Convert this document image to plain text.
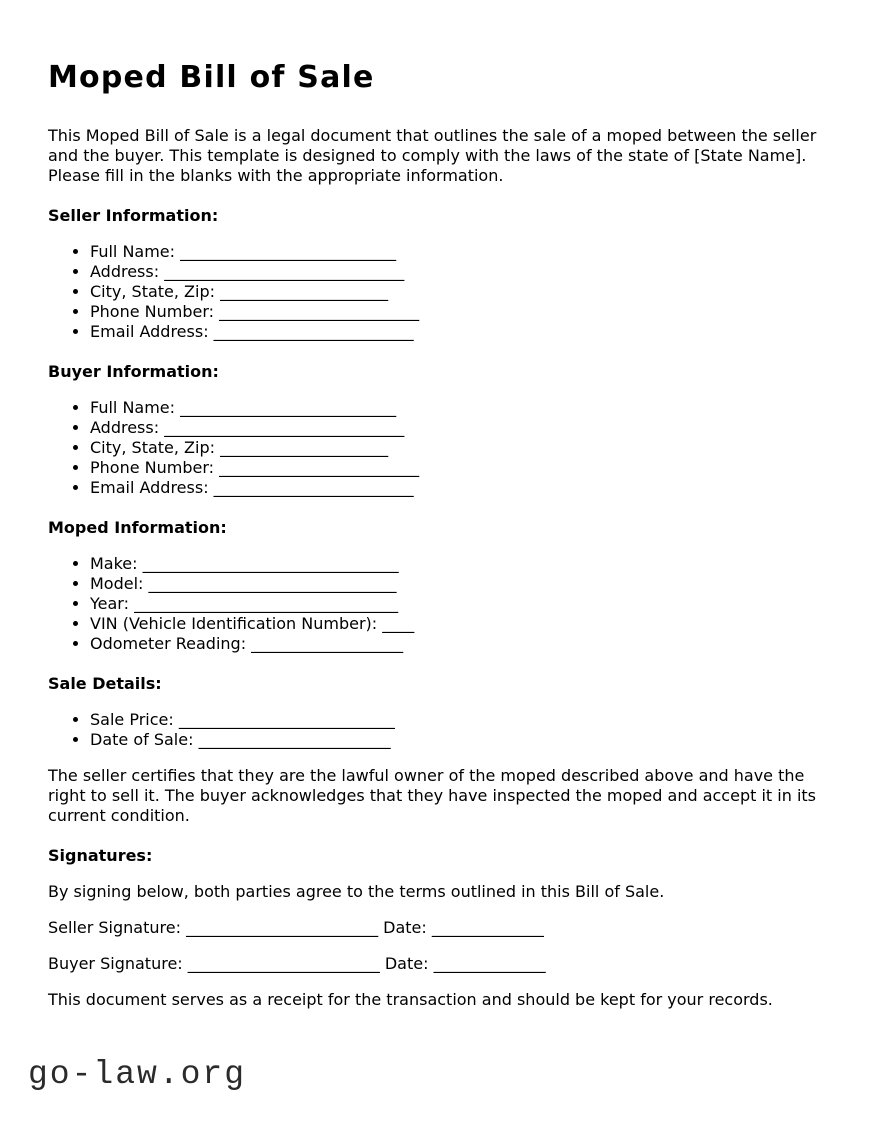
Moped Bill of Sale

This Moped Bill of Sale is a legal document that outlines the sale of a moped between the seller and the buyer. This template is designed to comply with the laws of the state of [State Name]. Please fill in the blanks with the appropriate information.

Seller Information:
• Full Name: ___________________________
• Address: ______________________________
• City, State, Zip: _____________________
• Phone Number: _________________________
• Email Address: _________________________
Buyer Information:
• Full Name: ___________________________
• Address: ______________________________
• City, State, Zip: _____________________
• Phone Number: _________________________
• Email Address: _________________________
Moped Information:
• Make: ________________________________
• Model: _______________________________
• Year: _________________________________
• VIN (Vehicle Identification Number): ____
• Odometer Reading: ___________________
Sale Details:
• Sale Price: ___________________________
• Date of Sale: ________________________

The seller certifies that they are the lawful owner of the moped described above and have the right to sell it. The buyer acknowledges that they have inspected the moped and accept it in its current condition.

Signatures:

By signing below, both parties agree to the terms outlined in this Bill of Sale.

Seller Signature: ________________________ Date: ______________

Buyer Signature: ________________________ Date: ______________

This document serves as a receipt for the transaction and should be kept for your records.

go-law.org
